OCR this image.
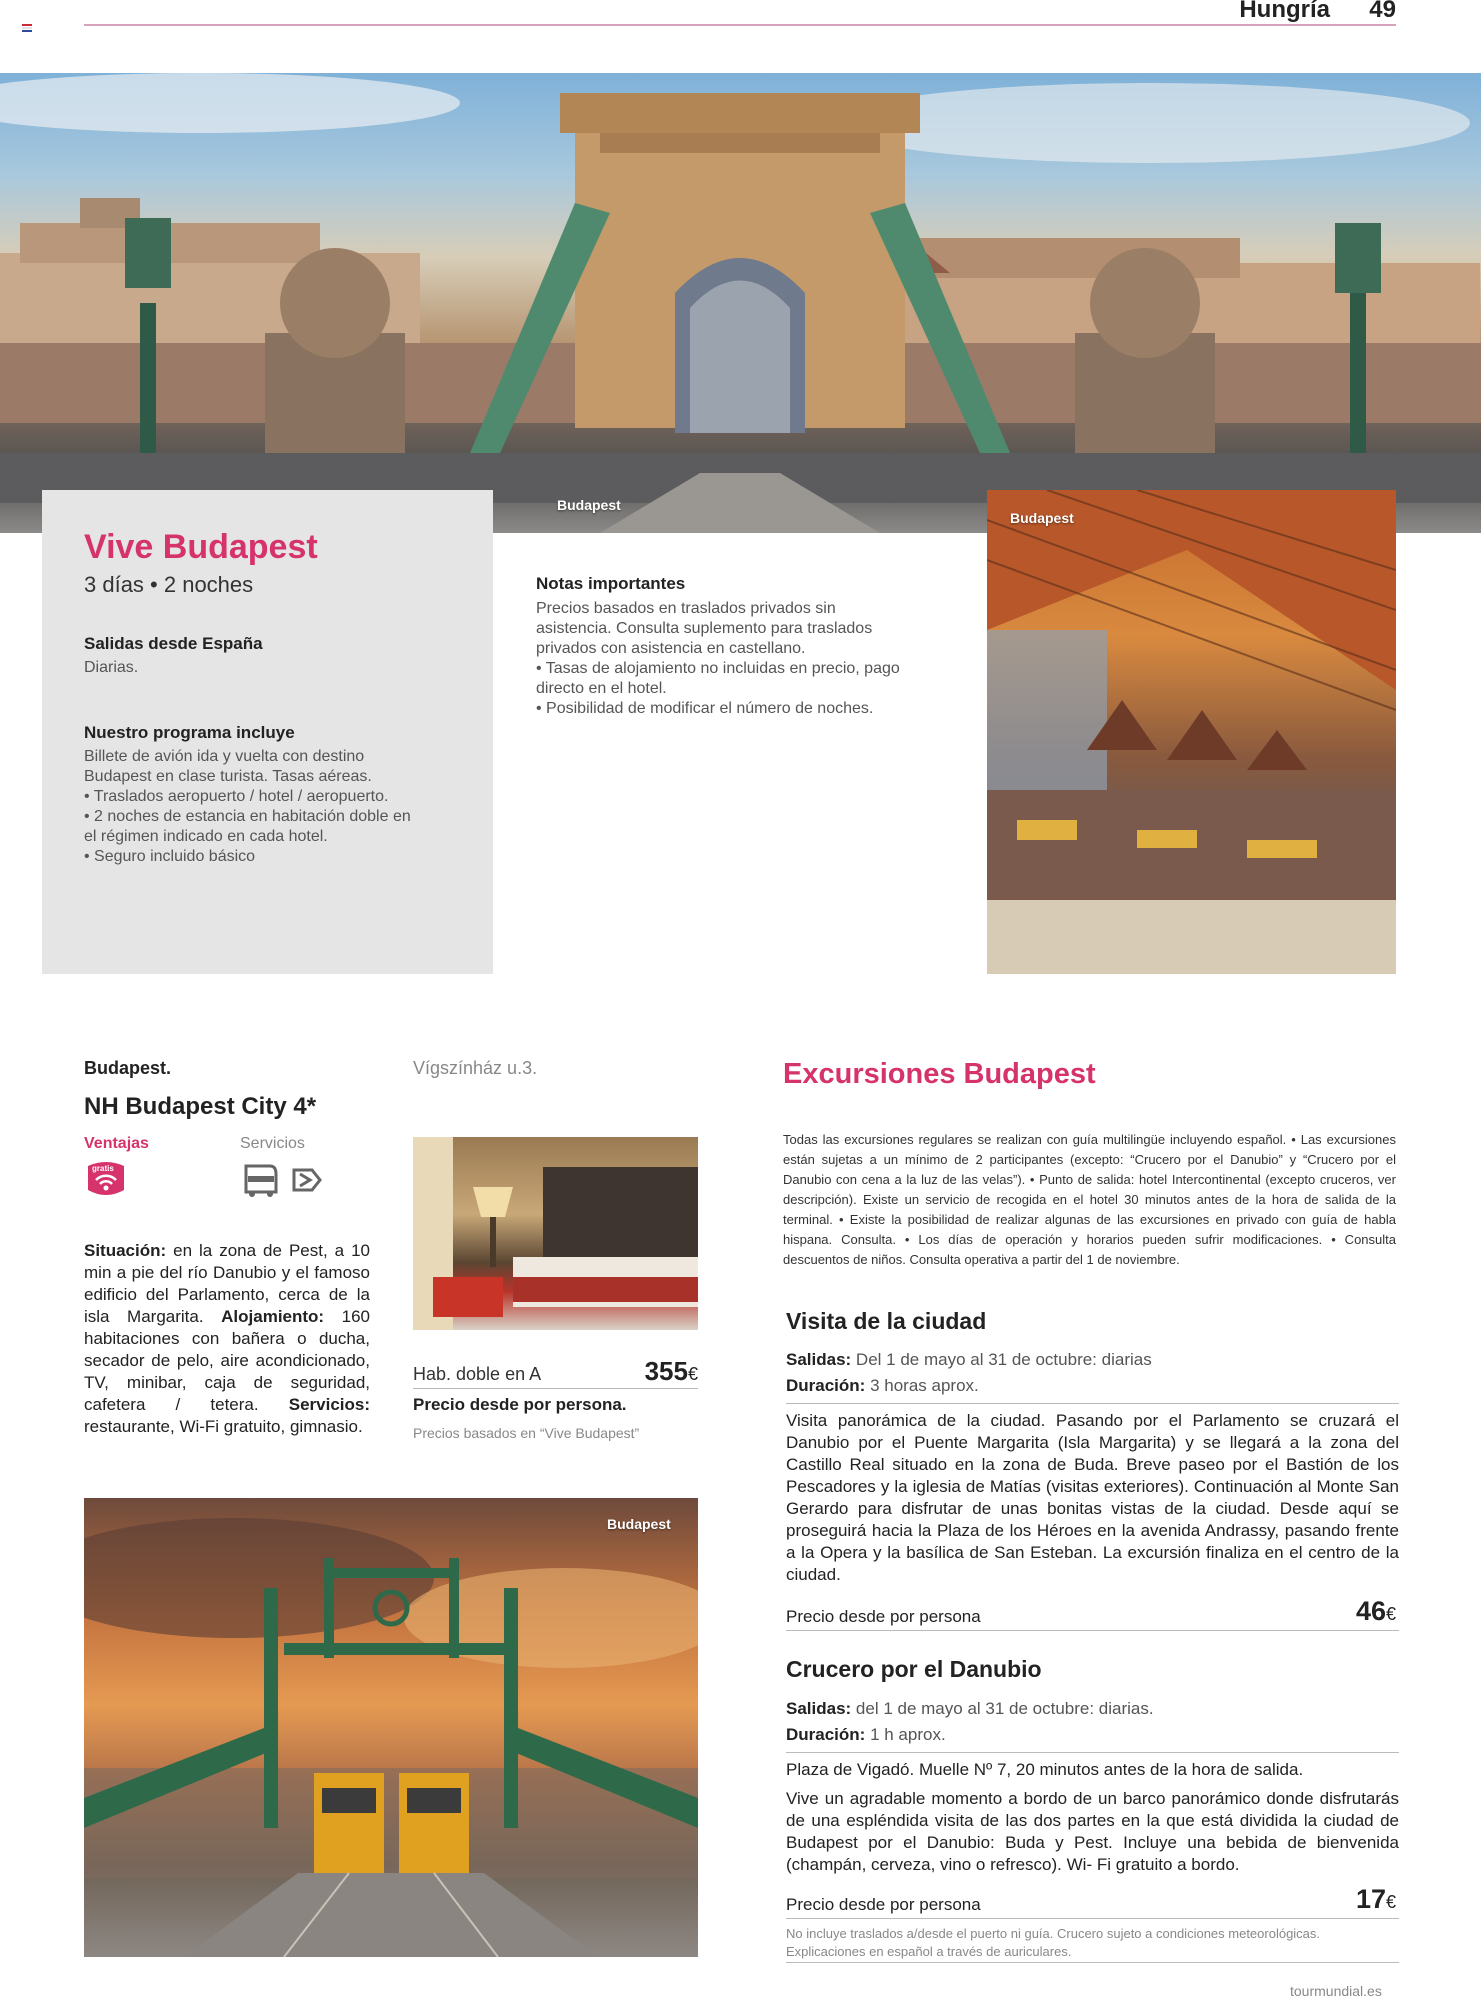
Hungría	49
Budapest
Vive Budapest
3 días • 2 noches
Salidas desde España
Diarias.
Nuestro programa incluye
Billete de avión ida y vuelta con destino
Budapest en clase turista. Tasas aéreas.
• Traslados aeropuerto / hotel / aeropuerto.
• 2 noches de estancia en habitación doble en
el régimen indicado en cada hotel.
• Seguro incluido básico
Notas importantes
Precios basados en traslados privados sin
asistencia. Consulta suplemento para traslados
privados con asistencia en castellano.
• Tasas de alojamiento no incluidas en precio, pago
directo en el hotel.
• Posibilidad de modificar el número de noches.
Budapest
Budapest.
NH Budapest City 4*
Vígszínház u.3.
Ventajas	Servicios
gratis
Situación: en la zona de Pest, a 10 min a pie del río Danubio y el famoso edificio del Parlamento, cerca de la isla Margarita. Alojamiento: 160 habitaciones con bañera o ducha, secador de pelo, aire acondicionado, TV, minibar, caja de seguridad, cafetera / tetera. Servicios: restaurante, Wi-Fi gratuito, gimnasio.
Hab. doble en A	355€
Precio desde por persona.
Precios basados en “Vive Budapest”
Budapest
Excursiones Budapest
Todas las excursiones regulares se realizan con guía multilingüe incluyendo español. • Las excursiones están sujetas a un mínimo de 2 participantes (excepto: “Crucero por el Danubio” y “Crucero por el Danubio con cena a la luz de las velas”). • Punto de salida: hotel Intercontinental (excepto cruceros, ver descripción). Existe un servicio de recogida en el hotel 30 minutos antes de la hora de salida de la terminal. • Existe la posibilidad de realizar algunas de las excursiones en privado con guía de habla hispana. Consulta. • Los días de operación y horarios pueden sufrir modificaciones. • Consulta descuentos de niños. Consulta operativa a partir del 1 de noviembre.
Visita de la ciudad
Salidas: Del 1 de mayo al 31 de octubre: diarias
Duración: 3 horas aprox.
Visita panorámica de la ciudad. Pasando por el Parlamento se cruzará el Danubio por el Puente Margarita (Isla Margarita) y se llegará a la zona del Castillo Real situado en la zona de Buda. Breve paseo por el Bastión de los Pescadores y la iglesia de Matías (visitas exteriores). Continuación al Monte San Gerardo para disfrutar de unas bonitas vistas de la ciudad. Desde aquí se proseguirá hacia la Plaza de los Héroes en la avenida Andrassy, pasando frente a la Opera y la basílica de San Esteban. La excursión finaliza en el centro de la ciudad.
Precio desde por persona	46€
Crucero por el Danubio
Salidas: del 1 de mayo al 31 de octubre: diarias.
Duración: 1 h aprox.
Plaza de Vigadó. Muelle Nº 7, 20 minutos antes de la hora de salida.
Vive un agradable momento a bordo de un barco panorámico donde disfrutarás de una espléndida visita de las dos partes en la que está dividida la ciudad de Budapest por el Danubio: Buda y Pest. Incluye una bebida de bienvenida (champán, cerveza, vino o refresco). Wi- Fi gratuito a bordo.
Precio desde por persona	17€
No incluye traslados a/desde el puerto ni guía. Crucero sujeto a condiciones meteorológicas. Explicaciones en español a través de auriculares.
tourmundial.es
